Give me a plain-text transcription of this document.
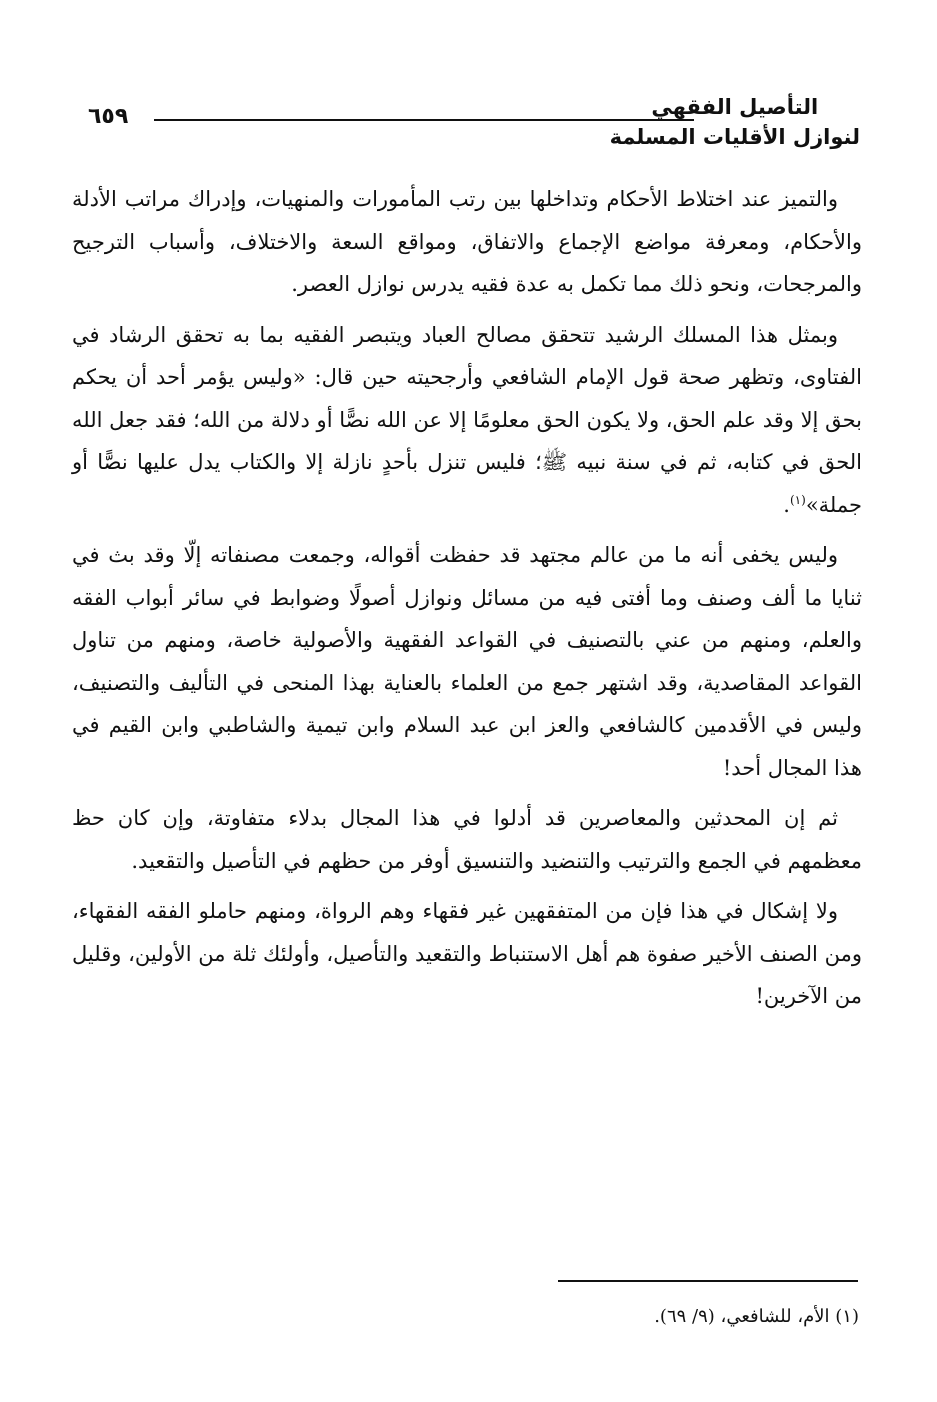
التأصيل الفقهي
لنوازل الأقليات المسلمة
٦٥٩

والتميز عند اختلاط الأحكام وتداخلها بين رتب المأمورات والمنهيات، وإدراك مراتب الأدلة والأحكام، ومعرفة مواضع الإجماع والاتفاق، ومواقع السعة والاختلاف، وأسباب الترجيح والمرجحات، ونحو ذلك مما تكمل به عدة فقيه يدرس نوازل العصر.

وبمثل هذا المسلك الرشيد تتحقق مصالح العباد ويتبصر الفقيه بما به تحقق الرشاد في الفتاوى، وتظهر صحة قول الإمام الشافعي وأرجحيته حين قال: «وليس يؤمر أحد أن يحكم بحق إلا وقد علم الحق، ولا يكون الحق معلومًا إلا عن الله نصًّا أو دلالة من الله؛ فقد جعل الله الحق في كتابه، ثم في سنة نبيه ﷺ؛ فليس تنزل بأحدٍ نازلة إلا والكتاب يدل عليها نصًّا أو جملة»$^{(١)}$.

وليس يخفى أنه ما من عالم مجتهد قد حفظت أقواله، وجمعت مصنفاته إلّا وقد بث في ثنايا ما ألف وصنف وما أفتى فيه من مسائل ونوازل أصولًا وضوابط في سائر أبواب الفقه والعلم، ومنهم من عني بالتصنيف في القواعد الفقهية والأصولية خاصة، ومنهم من تناول القواعد المقاصدية، وقد اشتهر جمع من العلماء بالعناية بهذا المنحى في التأليف والتصنيف، وليس في الأقدمين كالشافعي والعز ابن عبد السلام وابن تيمية والشاطبي وابن القيم في هذا المجال أحد!

ثم إن المحدثين والمعاصرين قد أدلوا في هذا المجال بدلاء متفاوتة، وإن كان حظ معظمهم في الجمع والترتيب والتنضيد والتنسيق أوفر من حظهم في التأصيل والتقعيد.

ولا إشكال في هذا فإن من المتفقهين غير فقهاء وهم الرواة، ومنهم حاملو الفقه الفقهاء، ومن الصنف الأخير صفوة هم أهل الاستنباط والتقعيد والتأصيل، وأولئك ثلة من الأولين، وقليل من الآخرين!

(١) الأم، للشافعي، (٩/ ٦٩).
